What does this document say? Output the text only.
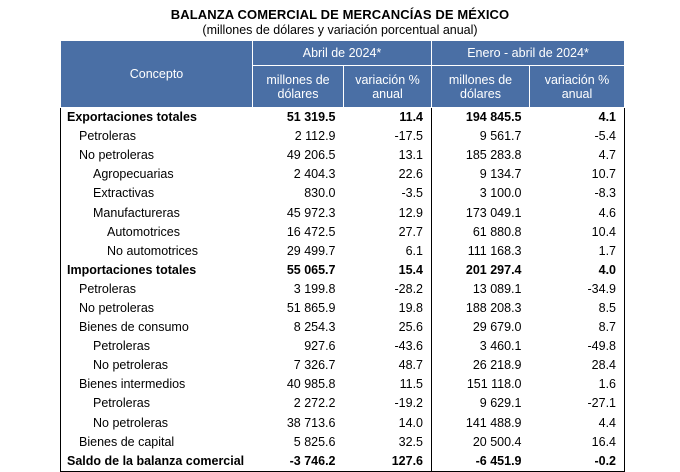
BALANZA COMERCIAL DE MERCANCÍAS DE MÉXICO
(millones de dólares y variación porcentual anual)
Concepto	Abril de 2024*		Enero - abril de 2024*	
	millones de dólares	variación % anual	millones de dólares	variación % anual
Exportaciones totales	51 319.5	11.4	194 845.5	4.1
Petroleras	2 112.9	-17.5	9 561.7	-5.4
No petroleras	49 206.5	13.1	185 283.8	4.7
Agropecuarias	2 404.3	22.6	9 134.7	10.7
Extractivas	830.0	-3.5	3 100.0	-8.3
Manufactureras	45 972.3	12.9	173 049.1	4.6
Automotrices	16 472.5	27.7	61 880.8	10.4
No automotrices	29 499.7	6.1	111 168.3	1.7
Importaciones totales	55 065.7	15.4	201 297.4	4.0
Petroleras	3 199.8	-28.2	13 089.1	-34.9
No petroleras	51 865.9	19.8	188 208.3	8.5
Bienes de consumo	8 254.3	25.6	29 679.0	8.7
Petroleras	927.6	-43.6	3 460.1	-49.8
No petroleras	7 326.7	48.7	26 218.9	28.4
Bienes intermedios	40 985.8	11.5	151 118.0	1.6
Petroleras	2 272.2	-19.2	9 629.1	-27.1
No petroleras	38 713.6	14.0	141 488.9	4.4
Bienes de capital	5 825.6	32.5	20 500.4	16.4
Saldo de la balanza comercial	-3 746.2	127.6	-6 451.9	-0.2
